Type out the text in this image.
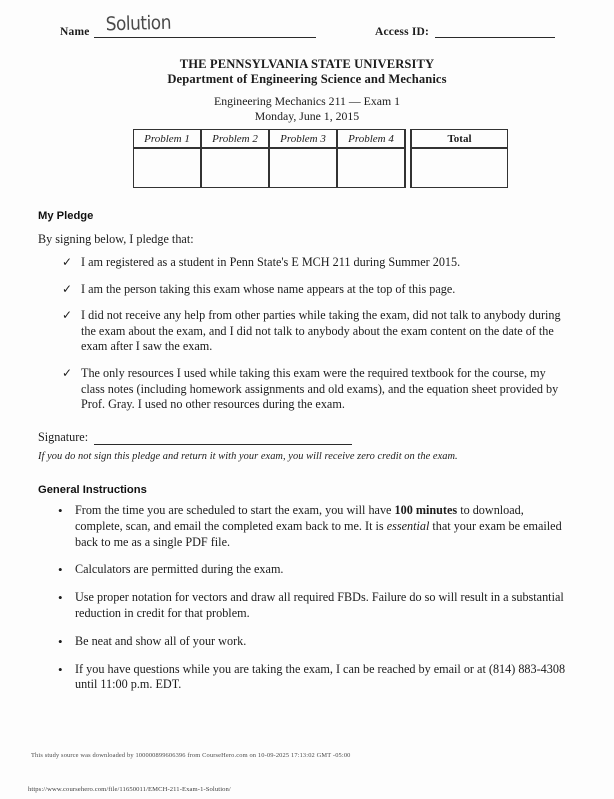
Name Solution	Access ID:
THE PENNSYLVANIA STATE UNIVERSITY
Department of Engineering Science and Mechanics
Engineering Mechanics 211 — Exam 1
Monday, June 1, 2015
Problem 1	Problem 2	Problem 3	Problem 4		Total

My Pledge
By signing below, I pledge that:
✓ I am registered as a student in Penn State's E MCH 211 during Summer 2015.
✓ I am the person taking this exam whose name appears at the top of this page.
✓ I did not receive any help from other parties while taking the exam, did not talk to anybody during the exam about the exam, and I did not talk to anybody about the exam content on the date of the exam after I saw the exam.
✓ The only resources I used while taking this exam were the required textbook for the course, my class notes (including homework assignments and old exams), and the equation sheet provided by Prof. Gray. I used no other resources during the exam.
Signature:
If you do not sign this pledge and return it with your exam, you will receive zero credit on the exam.
General Instructions
• From the time you are scheduled to start the exam, you will have 100 minutes to download, complete, scan, and email the completed exam back to me. It is essential that your exam be emailed back to me as a single PDF file.
• Calculators are permitted during the exam.
• Use proper notation for vectors and draw all required FBDs. Failure do so will result in a substantial reduction in credit for that problem.
• Be neat and show all of your work.
• If you have questions while you are taking the exam, I can be reached by email or at (814) 883-4308 until 11:00 p.m. EDT.
This study source was downloaded by 100000899606396 from CourseHero.com on 10-09-2025 17:13:02 GMT -05:00
https://www.coursehero.com/file/11650011/EMCH-211-Exam-1-Solution/
